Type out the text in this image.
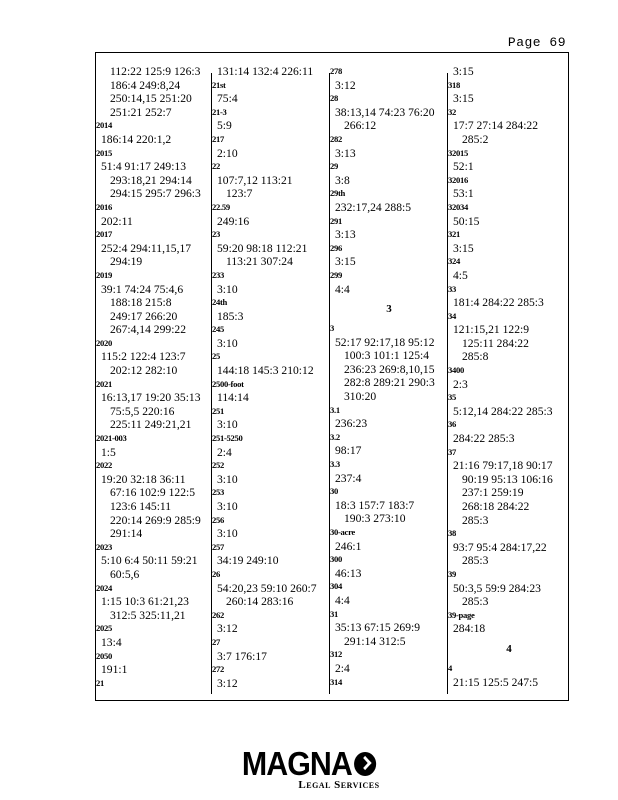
Page 69
112:22 125:9 126:3
186:4 249:8,24
250:14,15 251:20
251:21 252:7
2014
186:14 220:1,2
2015
51:4 91:17 249:13
293:18,21 294:14
294:15 295:7 296:3
2016
202:11
2017
252:4 294:11,15,17
294:19
2019
39:1 74:24 75:4,6
188:18 215:8
249:17 266:20
267:4,14 299:22
2020
115:2 122:4 123:7
202:12 282:10
2021
16:13,17 19:20 35:13
75:5,5 220:16
225:11 249:21,21
2021-003
1:5
2022
19:20 32:18 36:11
67:16 102:9 122:5
123:6 145:11
220:14 269:9 285:9
291:14
2023
5:10 6:4 50:11 59:21
60:5,6
2024
1:15 10:3 61:21,23
312:5 325:11,21
2025
13:4
2050
191:1
21
131:14 132:4 226:11
21st
75:4
21-3
5:9
217
2:10
22
107:7,12 113:21
123:7
22.59
249:16
23
59:20 98:18 112:21
113:21 307:24
233
3:10
24th
185:3
245
3:10
25
144:18 145:3 210:12
2500-foot
114:14
251
3:10
251-5250
2:4
252
3:10
253
3:10
256
3:10
257
34:19 249:10
26
54:20,23 59:10 260:7
260:14 283:16
262
3:12
27
3:7 176:17
272
3:12
278
3:12
28
38:13,14 74:23 76:20
266:12
282
3:13
29
3:8
29th
232:17,24 288:5
291
3:13
296
3:15
299
4:4
3
3
52:17 92:17,18 95:12
100:3 101:1 125:4
236:23 269:8,10,15
282:8 289:21 290:3
310:20
3.1
236:23
3.2
98:17
3.3
237:4
30
18:3 157:7 183:7
190:3 273:10
30-acre
246:1
300
46:13
304
4:4
31
35:13 67:15 269:9
291:14 312:5
312
2:4
314
3:15
318
3:15
32
17:7 27:14 284:22
285:2
32015
52:1
32016
53:1
32034
50:15
321
3:15
324
4:5
33
181:4 284:22 285:3
34
121:15,21 122:9
125:11 284:22
285:8
3400
2:3
35
5:12,14 284:22 285:3
36
284:22 285:3
37
21:16 79:17,18 90:17
90:19 95:13 106:16
237:1 259:19
268:18 284:22
285:3
38
93:7 95:4 284:17,22
285:3
39
50:3,5 59:9 284:23
285:3
39-page
284:18
4
4
21:15 125:5 247:5
MAGNA
Legal Services
